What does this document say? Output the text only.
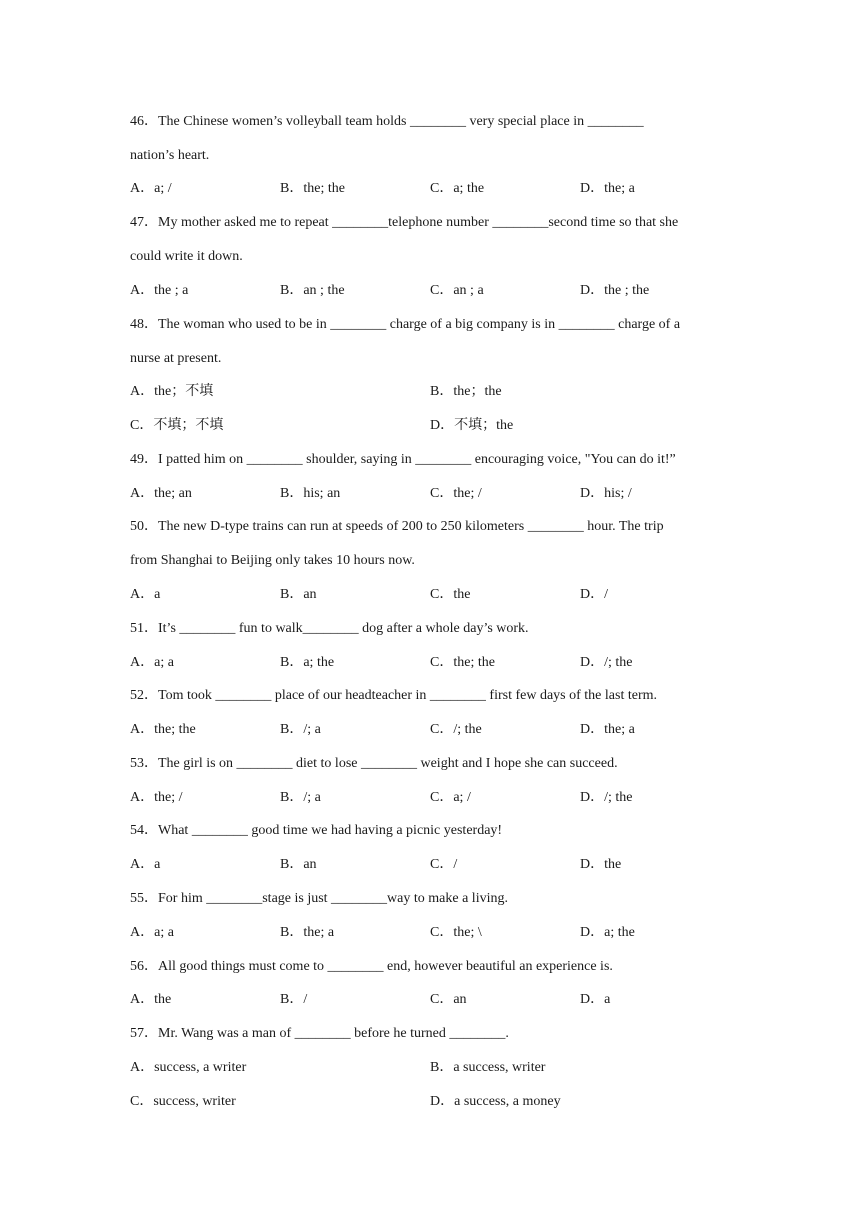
46．The Chinese women’s volleyball team holds ________ very special place in ________
nation’s heart.
A．a; /	B．the; the	C．a; the	D．the; a
47．My mother asked me to repeat ________telephone number ________second time so that she
could write it down.
A．the ; a	B．an ; the	C．an ; a	D．the ; the
48．The woman who used to be in ________ charge of a big company is in ________ charge of a
nurse at present.
A．the；不填	B．the；the
C．不填；不填	D．不填；the
49．I patted him on ________ shoulder, saying in ________ encouraging voice, "You can do it!”
A．the; an	B．his; an	C．the; /	D．his; /
50．The new D-type trains can run at speeds of 200 to 250 kilometers ________ hour. The trip
from Shanghai to Beijing only takes 10 hours now.
A．a	B．an	C．the	D．/
51．It’s ________ fun to walk________ dog after a whole day’s work.
A．a; a	B．a; the	C．the; the	D．/; the
52．Tom took ________ place of our headteacher in ________ first few days of the last term.
A．the; the	B．/; a	C．/; the	D．the; a
53．The girl is on ________ diet to lose ________ weight and I hope she can succeed.
A．the; /	B．/; a	C．a; /	D．/; the
54．What ________ good time we had having a picnic yesterday!
A．a	B．an	C．/	D．the
55．For him ________stage is just ________way to make a living.
A．a; a	B．the; a	C．the; \	D．a; the
56．All good things must come to ________ end, however beautiful an experience is.
A．the	B．/	C．an	D．a
57．Mr. Wang was a man of ________ before he turned ________.
A．success, a writer	B．a success, writer
C．success, writer	D．a success, a money
